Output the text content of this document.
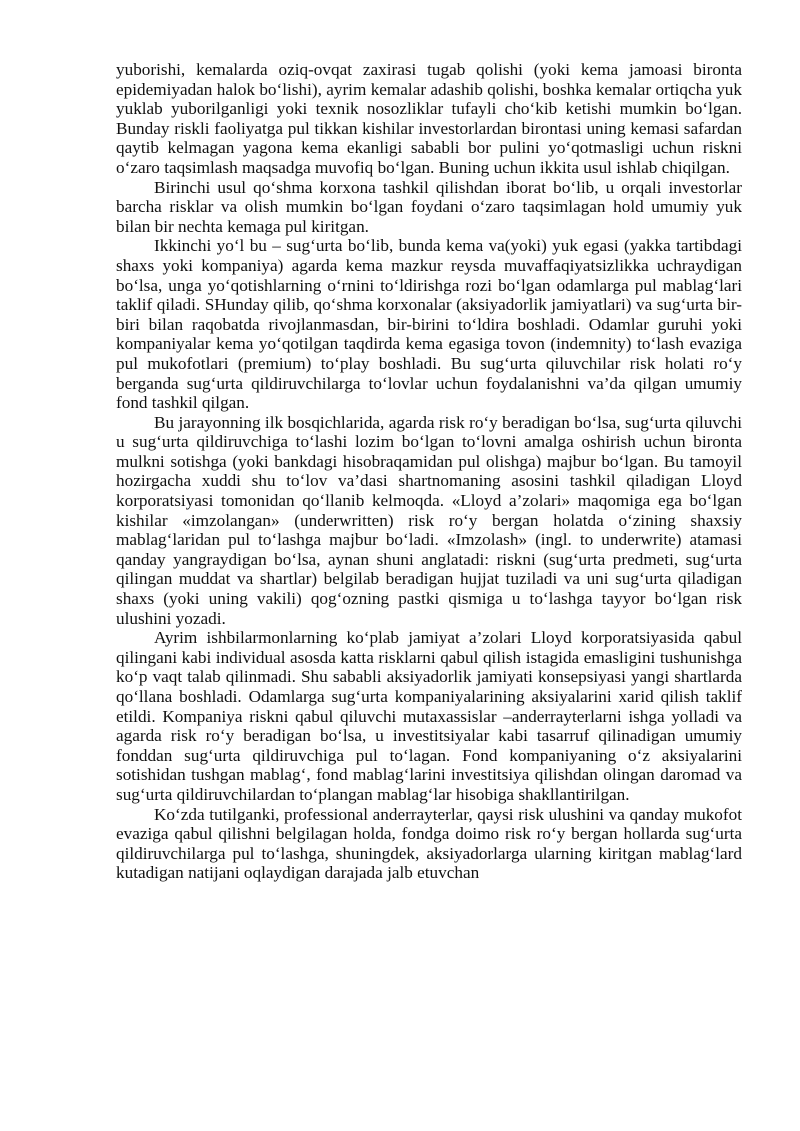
yuborishi, kemalarda oziq-ovqat zaxirasi tugab qolishi (yoki kema jamoasi bironta epidemiyadan halok bo‘lishi), ayrim kemalar adashib qolishi, boshka kemalar ortiqcha yuk yuklab yuborilganligi yoki texnik nosozliklar tufayli cho‘kib ketishi mumkin bo‘lgan. Bunday riskli faoliyatga pul tikkan kishilar investorlardan birontasi uning kemasi safardan qaytib kelmagan yagona kema ekanligi sababli bor pulini yo‘qotmasligi uchun riskni o‘zaro taqsimlash maqsadga muvofiq bo‘lgan. Buning uchun ikkita usul ishlab chiqilgan.

Birinchi usul qo‘shma korxona tashkil qilishdan iborat bo‘lib, u orqali investorlar barcha risklar va olish mumkin bo‘lgan foydani o‘zaro taqsimlagan hold umumiy yuk bilan bir nechta kemaga pul kiritgan.

Ikkinchi yo‘l bu – sug‘urta bo‘lib, bunda kema va(yoki) yuk egasi (yakka tartibdagi shaxs yoki kompaniya) agarda kema mazkur reysda muvaffaqiyatsizlikka uchraydigan bo‘lsa, unga yo‘qotishlarning o‘rnini to‘ldirishga rozi bo‘lgan odamlarga pul mablag‘lari taklif qiladi. SHunday qilib, qo‘shma korxonalar (aksiyadorlik jamiyatlari) va sug‘urta bir-biri bilan raqobatda rivojlanmasdan, bir-birini to‘ldira boshladi. Odamlar guruhi yoki kompaniyalar kema yo‘qotilgan taqdirda kema egasiga tovon (indemnity) to‘lash evaziga pul mukofotlari (premium) to‘play boshladi. Bu sug‘urta qiluvchilar risk holati ro‘y berganda sug‘urta qildiruvchilarga to‘lovlar uchun foydalanishni va’da qilgan umumiy fond tashkil qilgan.

Bu jarayonning ilk bosqichlarida, agarda risk ro‘y beradigan bo‘lsa, sug‘urta qiluvchi u sug‘urta qildiruvchiga to‘lashi lozim bo‘lgan to‘lovni amalga oshirish uchun bironta mulkni sotishga (yoki bankdagi hisobraqamidan pul olishga) majbur bo‘lgan. Bu tamoyil hozirgacha xuddi shu to‘lov va’dasi shartnomaning asosini tashkil qiladigan Lloyd korporatsiyasi tomonidan qo‘llanib kelmoqda. «Lloyd a’zolari» maqomiga ega bo‘lgan kishilar «imzolangan» (underwritten) risk ro‘y bergan holatda o‘zining shaxsiy mablag‘laridan pul to‘lashga majbur bo‘ladi. «Imzolash» (ingl. to underwrite) atamasi qanday yangraydigan bo‘lsa, aynan shuni anglatadi: riskni (sug‘urta predmeti, sug‘urta qilingan muddat va shartlar) belgilab beradigan hujjat tuziladi va uni sug‘urta qiladigan shaxs (yoki uning vakili) qog‘ozning pastki qismiga u to‘lashga tayyor bo‘lgan risk ulushini yozadi.

Ayrim ishbilarmonlarning ko‘plab jamiyat a’zolari Lloyd korporatsiyasida qabul qilingani kabi individual asosda katta risklarni qabul qilish istagida emasligini tushunishga ko‘p vaqt talab qilinmadi. Shu sababli aksiyadorlik jamiyati konsepsiyasi yangi shartlarda qo‘llana boshladi. Odamlarga sug‘urta kompaniyalarining aksiyalarini xarid qilish taklif etildi. Kompaniya riskni qabul qiluvchi mutaxassislar –anderrayterlarni ishga yolladi va agarda risk ro‘y beradigan bo‘lsa, u investitsiyalar kabi tasarruf qilinadigan umumiy fonddan sug‘urta qildiruvchiga pul to‘lagan. Fond kompaniyaning o‘z aksiyalarini sotishidan tushgan mablag‘, fond mablag‘larini investitsiya qilishdan olingan daromad va sug‘urta qildiruvchilardan to‘plangan mablag‘lar hisobiga shakllantirilgan.

Ko‘zda tutilganki, professional anderrayterlar, qaysi risk ulushini va qanday mukofot evaziga qabul qilishni belgilagan holda, fondga doimo risk ro‘y bergan hollarda sug‘urta qildiruvchilarga pul to‘lashga, shuningdek, aksiyadorlarga ularning kiritgan mablag‘lard kutadigan natijani oqlaydigan darajada jalb etuvchan
